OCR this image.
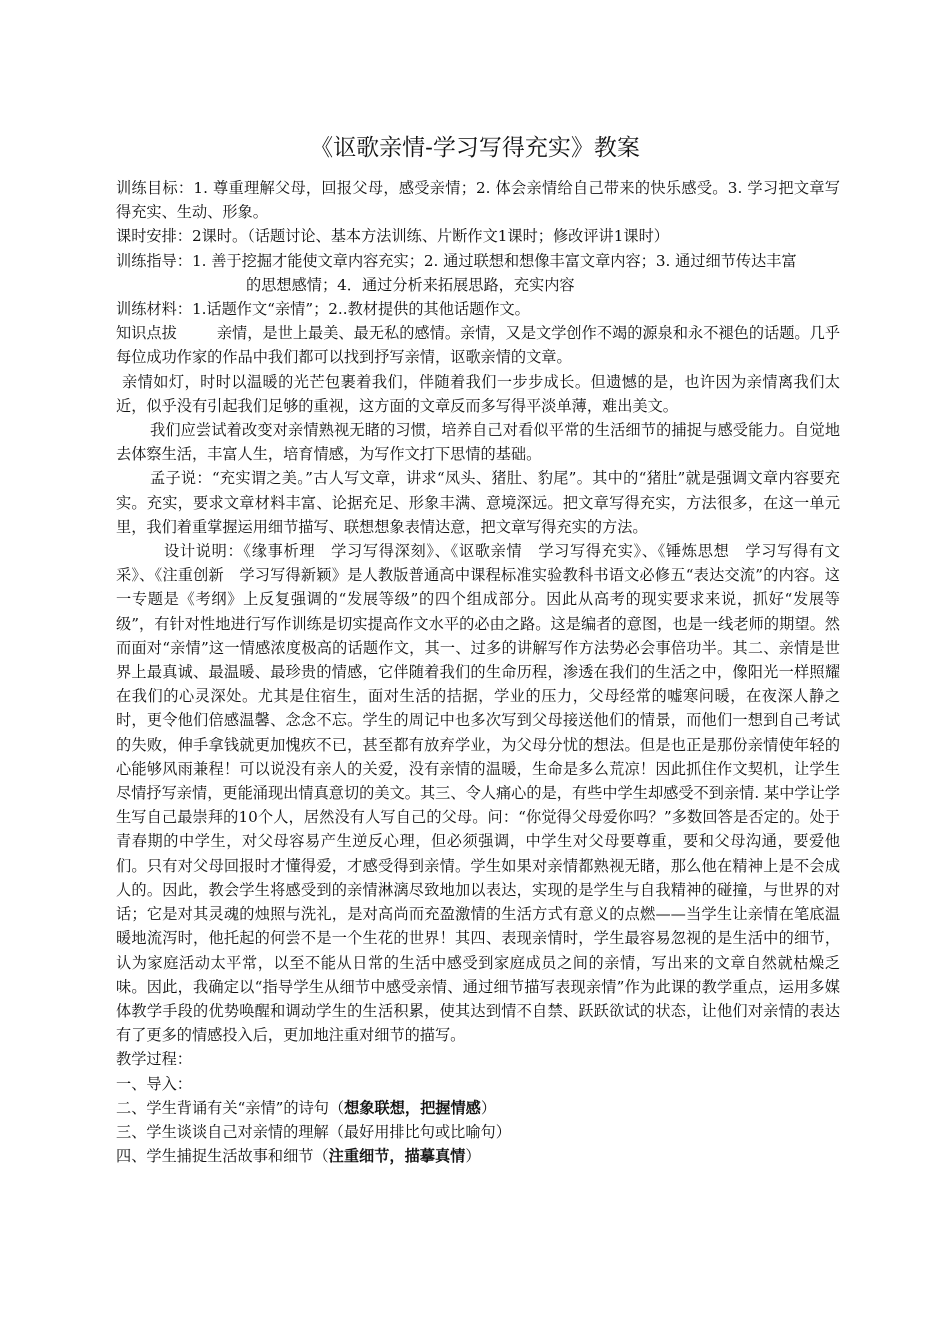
《讴歌亲情-学习写得充实》教案

训练目标：1. 尊重理解父母，回报父母，感受亲情；2. 体会亲情给自己带来的快乐感受。3. 学习把文章写得充实、生动、形象。

课时安排：2课时。（话题讨论、基本方法训练、片断作文1课时；修改评讲1课时）

训练指导：1. 善于挖掘才能使文章内容充实；2. 通过联想和想像丰富文章内容；3. 通过细节传达丰富

的思想感情；4．通过分析来拓展思路，充实内容

训练材料：1.话题作文“亲情”；2..教材提供的其他话题作文。

知识点拔	亲情，是世上最美、最无私的感情。亲情，又是文学创作不竭的源泉和永不褪色的话题。几乎每位成功作家的作品中我们都可以找到抒写亲情，讴歌亲情的文章。

亲情如灯，时时以温暖的光芒包裹着我们，伴随着我们一步步成长。但遗憾的是，也许因为亲情离我们太近，似乎没有引起我们足够的重视，这方面的文章反而多写得平淡单薄，难出美文。

我们应尝试着改变对亲情熟视无睹的习惯，培养自己对看似平常的生活细节的捕捉与感受能力。自觉地去体察生活，丰富人生，培育情感，为写作文打下思情的基础。

孟子说：“充实谓之美。”古人写文章，讲求“凤头、猪肚、豹尾”。其中的“猪肚”就是强调文章内容要充实。充实，要求文章材料丰富、论据充足、形象丰满、意境深远。把文章写得充实，方法很多，在这一单元里，我们着重掌握运用细节描写、联想想象表情达意，把文章写得充实的方法。

设计说明：《缘事析理　学习写得深刻》、《讴歌亲情　学习写得充实》、《锤炼思想　学习写得有文采》、《注重创新　学习写得新颖》是人教版普通高中课程标准实验教科书语文必修五“表达交流”的内容。这一专题是《考纲》上反复强调的“发展等级”的四个组成部分。因此从高考的现实要求来说，抓好“发展等级”，有针对性地进行写作训练是切实提高作文水平的必由之路。这是编者的意图，也是一线老师的期望。然而面对“亲情”这一情感浓度极高的话题作文，其一、过多的讲解写作方法势必会事倍功半。其二、亲情是世界上最真诚、最温暖、最珍贵的情感，它伴随着我们的生命历程，渗透在我们的生活之中，像阳光一样照耀在我们的心灵深处。尤其是住宿生，面对生活的拮据，学业的压力，父母经常的嘘寒问暖，在夜深人静之时，更令他们倍感温馨、念念不忘。学生的周记中也多次写到父母接送他们的情景，而他们一想到自己考试的失败，伸手拿钱就更加愧疚不已，甚至都有放弃学业，为父母分忧的想法。但是也正是那份亲情使年轻的心能够风雨兼程！可以说没有亲人的关爱，没有亲情的温暖，生命是多么荒凉！因此抓住作文契机，让学生尽情抒写亲情，更能涌现出情真意切的美文。其三、令人痛心的是，有些中学生却感受不到亲情. 某中学让学生写自己最崇拜的10个人，居然没有人写自己的父母。问：“你觉得父母爱你吗？”多数回答是否定的。处于青春期的中学生，对父母容易产生逆反心理，但必须强调，中学生对父母要尊重，要和父母沟通，要爱他们。只有对父母回报时才懂得爱，才感受得到亲情。学生如果对亲情都熟视无睹，那么他在精神上是不会成人的。因此，教会学生将感受到的亲情淋漓尽致地加以表达，实现的是学生与自我精神的碰撞，与世界的对话；它是对其灵魂的烛照与洗礼，是对高尚而充盈激情的生活方式有意义的点燃——当学生让亲情在笔底温暖地流泻时，他托起的何尝不是一个生花的世界！其四、表现亲情时，学生最容易忽视的是生活中的细节，认为家庭活动太平常，以至不能从日常的生活中感受到家庭成员之间的亲情，写出来的文章自然就枯燥乏味。因此，我确定以“指导学生从细节中感受亲情、通过细节描写表现亲情”作为此课的教学重点，运用多媒体教学手段的优势唤醒和调动学生的生活积累，使其达到情不自禁、跃跃欲试的状态，让他们对亲情的表达有了更多的情感投入后，更加地注重对细节的描写。

教学过程：

一、导入：

二、学生背诵有关“亲情”的诗句（想象联想，把握情感）

三、学生谈谈自己对亲情的理解（最好用排比句或比喻句）

四、学生捕捉生活故事和细节（注重细节，描摹真情）
